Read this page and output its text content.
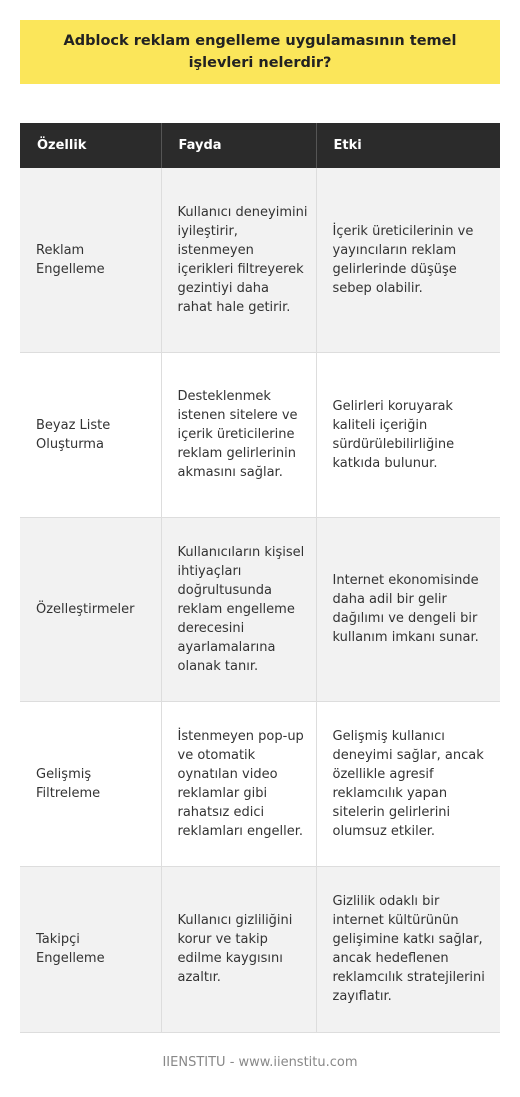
Adblock reklam engelleme uygulamasının temel işlevleri nelerdir?
Özellik	Fayda	Etki
Reklam Engelleme	Kullanıcı deneyimini iyileştirir, istenmeyen içerikleri filtreyerek gezintiyi daha rahat hale getirir.	İçerik üreticilerinin ve yayıncıların reklam gelirlerinde düşüşe sebep olabilir.
Beyaz Liste Oluşturma	Desteklenmek istenen sitelere ve içerik üreticilerine reklam gelirlerinin akmasını sağlar.	Gelirleri koruyarak kaliteli içeriğin sürdürülebilirliğine katkıda bulunur.
Özelleştirmeler	Kullanıcıların kişisel ihtiyaçları doğrultusunda reklam engelleme derecesini ayarlamalarına olanak tanır.	Internet ekonomisinde daha adil bir gelir dağılımı ve dengeli bir kullanım imkanı sunar.
Gelişmiş Filtreleme	İstenmeyen pop-up ve otomatik oynatılan video reklamlar gibi rahatsız edici reklamları engeller.	Gelişmiş kullanıcı deneyimi sağlar, ancak özellikle agresif reklamcılık yapan sitelerin gelirlerini olumsuz etkiler.
Takipçi Engelleme	Kullanıcı gizliliğini korur ve takip edilme kaygısını azaltır.	Gizlilik odaklı bir internet kültürünün gelişimine katkı sağlar, ancak hedeflenen reklamcılık stratejilerini zayıflatır.
IIENSTITU - www.iienstitu.com
